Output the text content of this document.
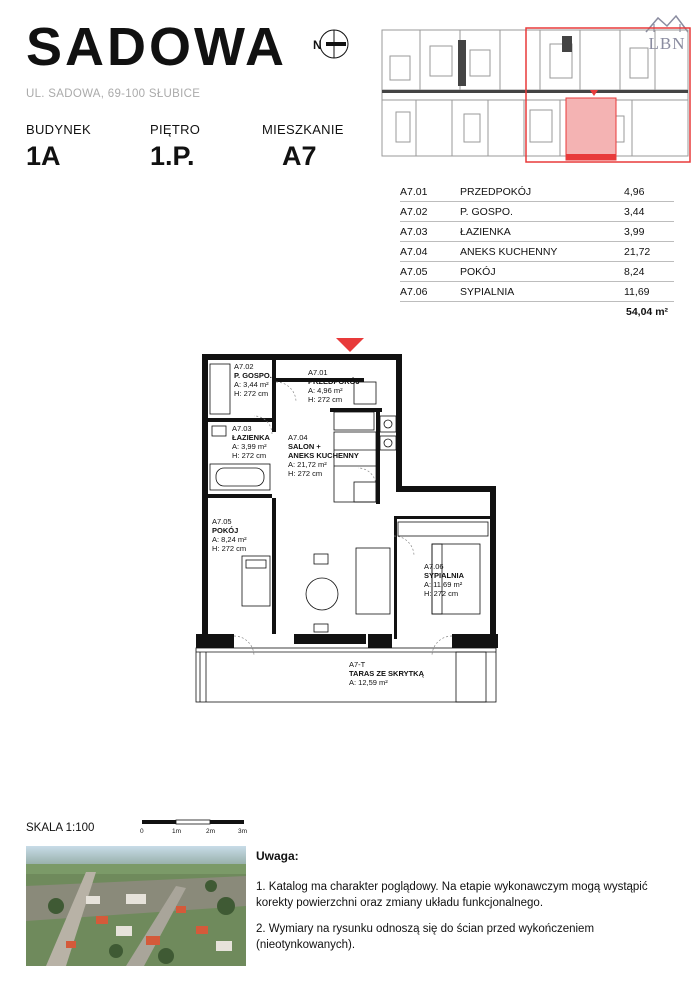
SADOWA N
UL. SADOWA, 69-100 SŁUBICE
BUDYNEK
1A
PIĘTRO
1.P.
MIESZKANIE
A7
LBN
A7.01	PRZEDPOKÓJ	4,96
A7.02	P. GOSPO.	3,44
A7.03	ŁAZIENKA	3,99
A7.04	ANEKS KUCHENNY	21,72
A7.05	POKÓJ	8,24
A7.06	SYPIALNIA	11,69
54,04 m²
A7.02
P. GOSPO.
A: 3,44 m²
H: 272 cm
A7.01
PRZEDPOKÓJ
A: 4,96 m²
H: 272 cm
A7.03
ŁAZIENKA
A: 3,99 m²
H: 272 cm
A7.04
SALON +
ANEKS KUCHENNY
A: 21,72 m²
H: 272 cm
A7.05
POKÓJ
A: 8,24 m²
H: 272 cm
A7.06
SYPIALNIA
A: 11,69 m²
H: 272 cm
A7-T
TARAS ZE SKRYTKĄ
A: 12,59 m²
SKALA 1:100	0	1m	2m	3m
Uwaga:
1. Katalog ma charakter poglądowy. Na etapie wykonawczym mogą wystąpić korekty powierzchni oraz zmiany układu funkcjonalnego.
2. Wymiary na rysunku odnoszą się do ścian przed wykończeniem (nieotynkowanych).
